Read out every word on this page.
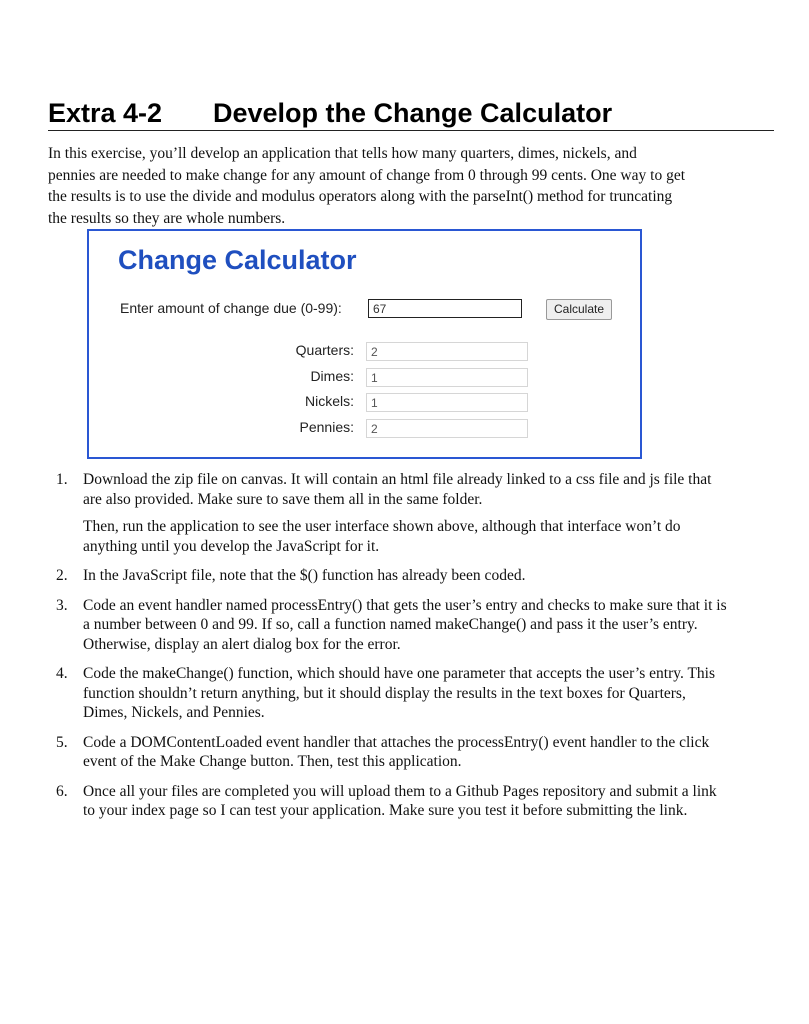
Extra 4-2 Develop the Change Calculator

In this exercise, you’ll develop an application that tells how many quarters, dimes, nickels, and pennies are needed to make change for any amount of change from 0 through 99 cents. One way to get the results is to use the divide and modulus operators along with the parseInt() method for truncating the results so they are whole numbers.

Change Calculator
Enter amount of change due (0-99):	67	Calculate
Quarters:	2
Dimes:	1
Nickels:	1
Pennies:	2
1. Download the zip file on canvas. It will contain an html file already linked to a css file and js file that are also provided. Make sure to save them all in the same folder.
Then, run the application to see the user interface shown above, although that interface won’t do anything until you develop the JavaScript for it.
2. In the JavaScript file, note that the $() function has already been coded.
3. Code an event handler named processEntry() that gets the user’s entry and checks to make sure that it is a number between 0 and 99. If so, call a function named makeChange() and pass it the user’s entry. Otherwise, display an alert dialog box for the error.
4. Code the makeChange() function, which should have one parameter that accepts the user’s entry. This function shouldn’t return anything, but it should display the results in the text boxes for Quarters, Dimes, Nickels, and Pennies.
5. Code a DOMContentLoaded event handler that attaches the processEntry() event handler to the click event of the Make Change button. Then, test this application.
6. Once all your files are completed you will upload them to a Github Pages repository and submit a link to your index page so I can test your application. Make sure you test it before submitting the link.
